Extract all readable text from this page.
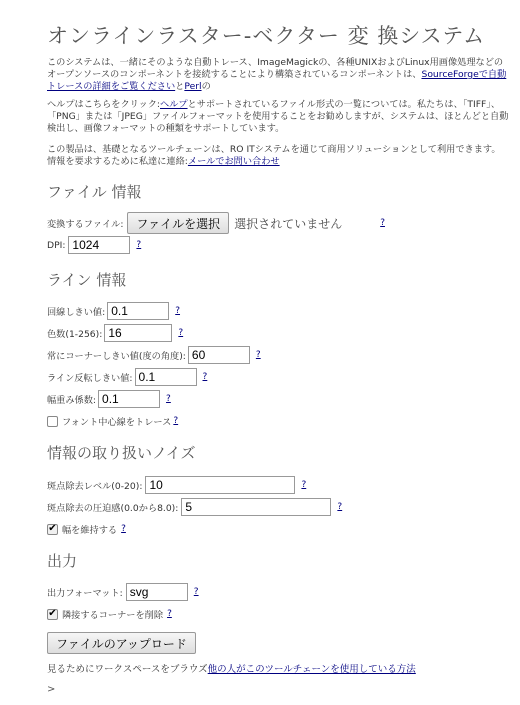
オンラインラスター-ベクター 変 換システム
このシステムは、一緒にそのような自動トレース、ImageMagickの、各種UNIXおよびLinux用画像処理などのオープンソースのコンポーネントを接続することにより構築されているコンポーネントは、SourceForgeで自動トレースの詳細をご覧くださいとPerlの
ヘルプはこちらをクリック:ヘルプとサポートされているファイル形式の一覧については。私たちは、「TIFF」、「PNG」または「JPEG」ファイルフォーマットを使用することをお勧めしますが、システムは、ほとんどと自動検出し、画像フォーマットの種類をサポートしています。
この製品は、基礎となるツールチェーンは、RO ITシステムを通じて商用ソリューションとして利用できます。情報を要求するために私達に連絡:メールでお問い合わせ
ファイル 情報
変換するファイル:	ファイルを選択	選択されていません	?
DPI: 1024	?
ライン 情報
回線しきい値: 0.1	?
色数(1-256): 16	?
常にコーナーしきい値(度の角度): 60	?
ライン反転しきい値: 0.1	?
幅重み係数: 0.1	?
フォント中心線をトレース ?
情報の取り扱いノイズ
斑点除去レベル(0-20): 10	?
斑点除去の圧迫感(0.0から8.0): 5	?
✔ 幅を維持する ?
出力
出力フォーマット: svg	?
✔ 隣接するコーナーを削除 ?
ファイルのアップロード
見るためにワークスペースをブラウズ他の人がこのツールチェーンを使用している方法
>
